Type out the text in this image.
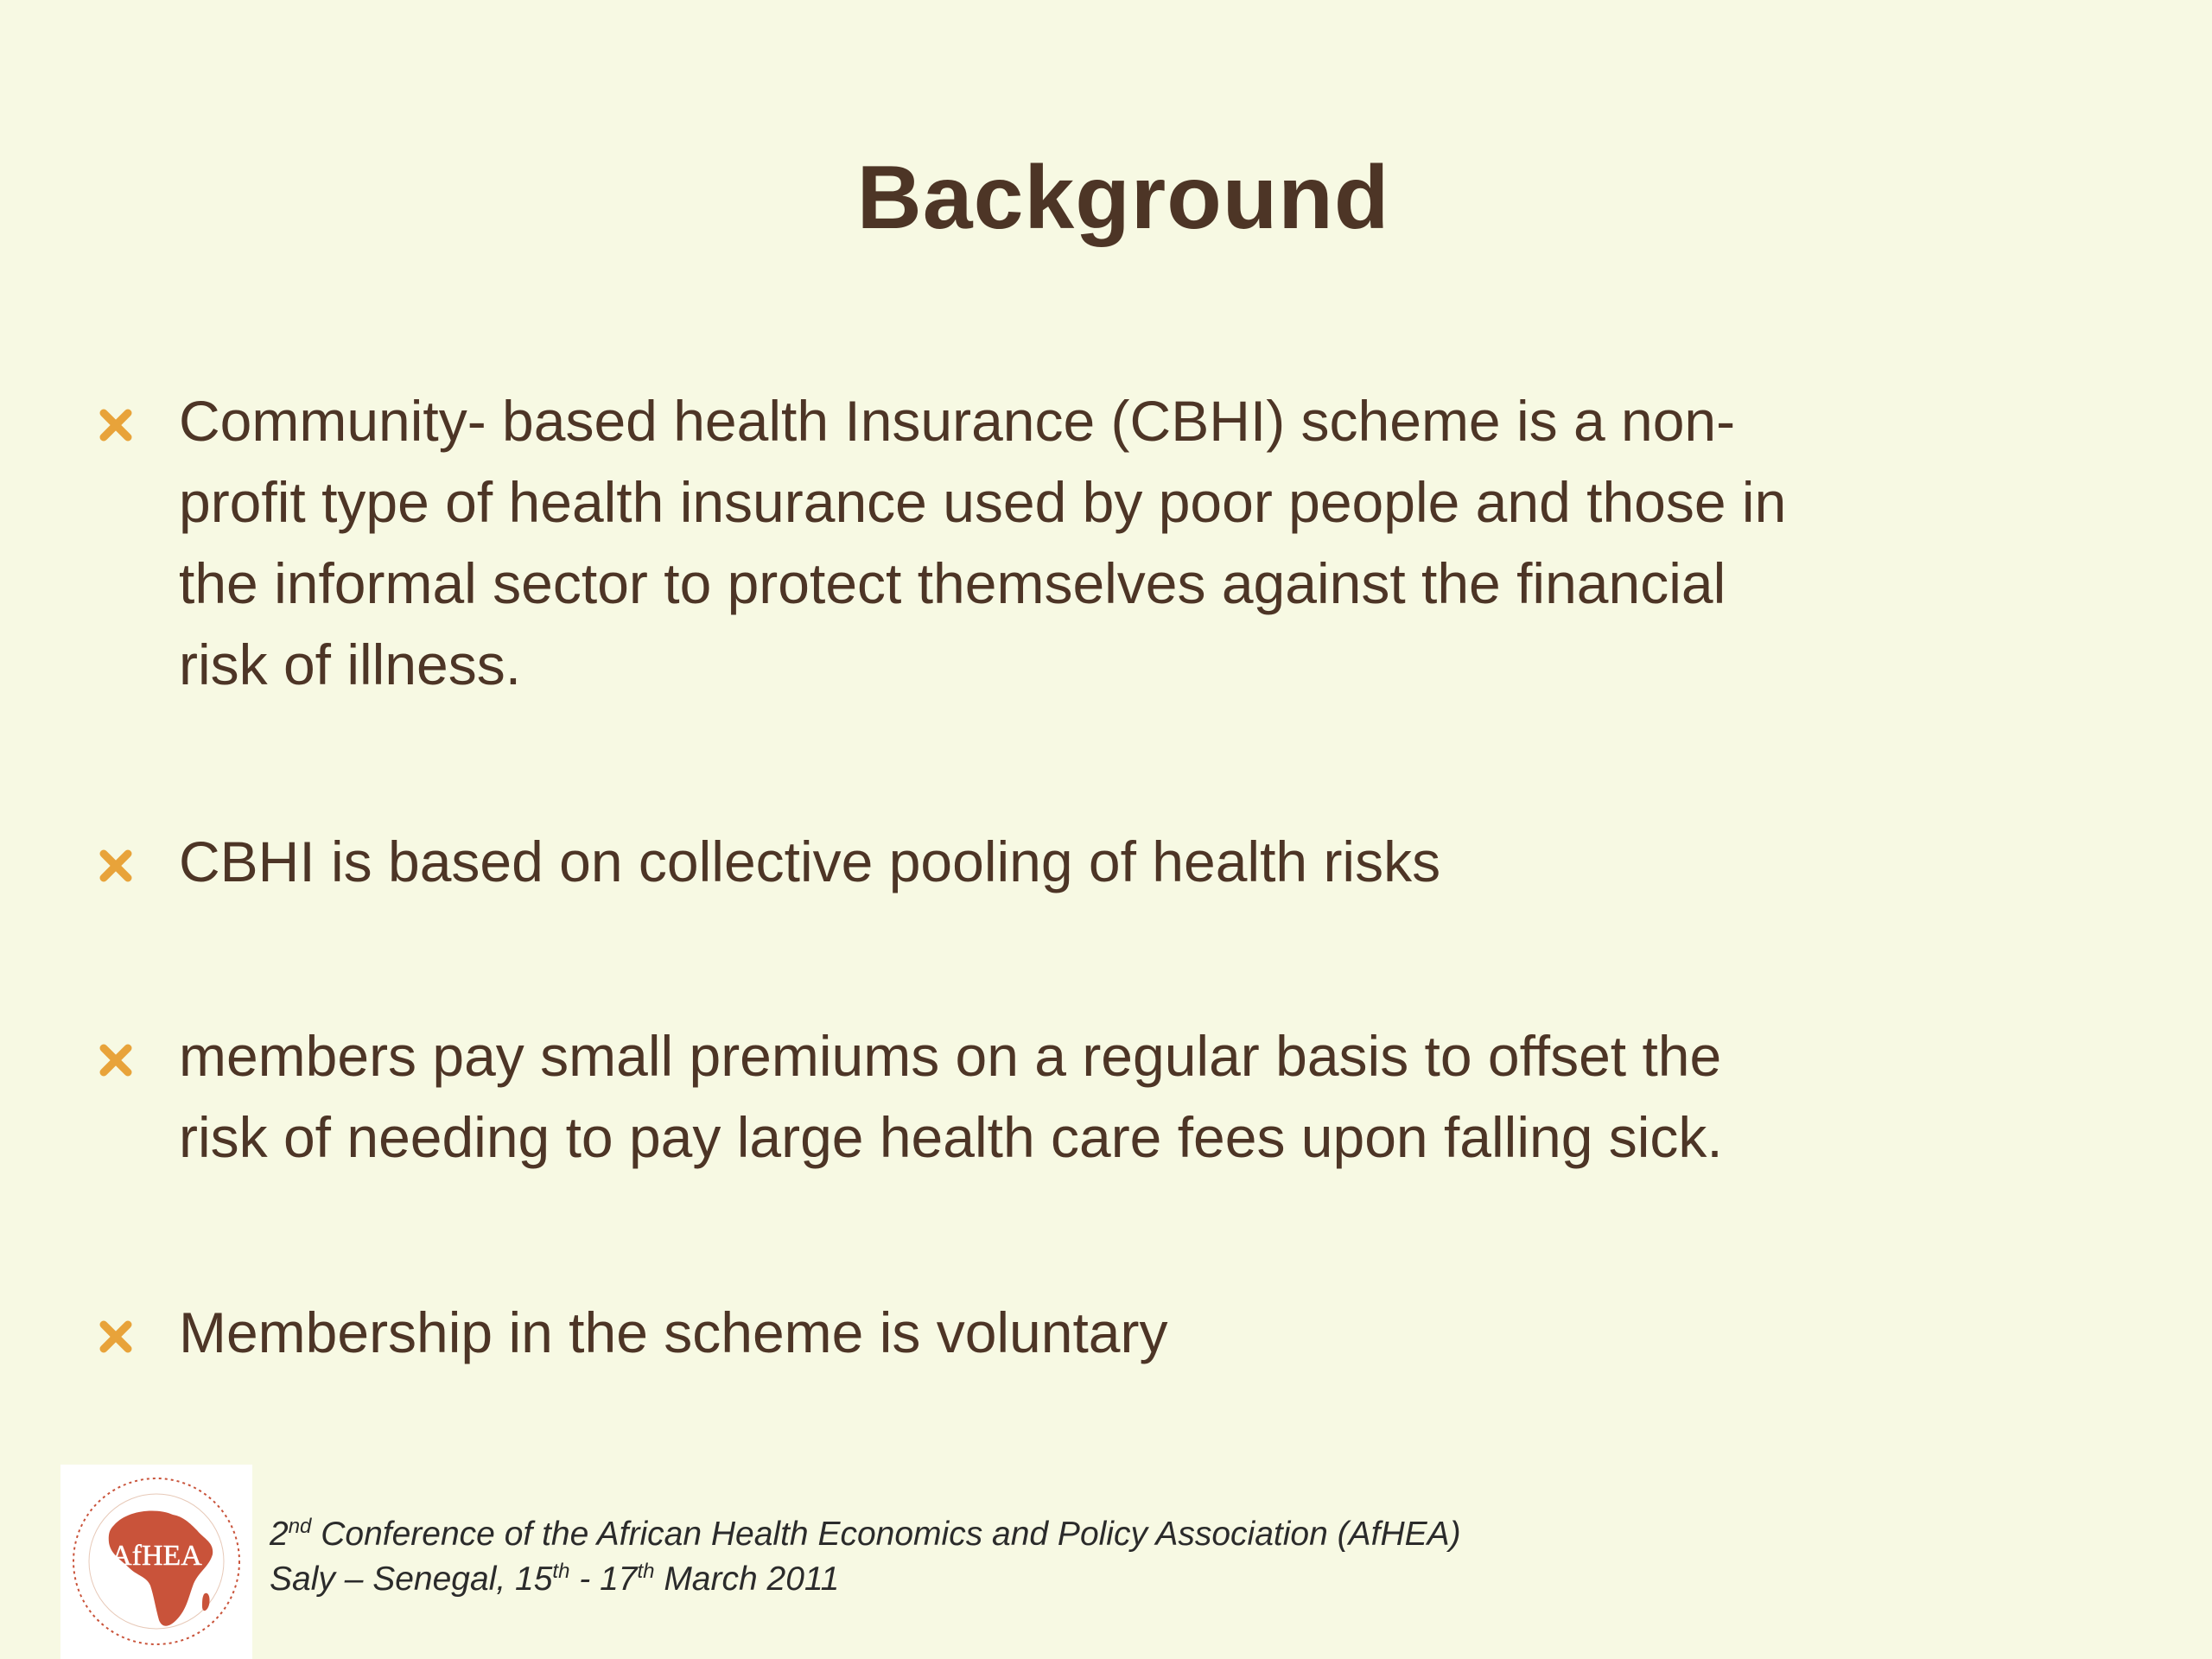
Background
Community- based health Insurance (CBHI) scheme is a non-
profit type of health insurance used by poor people and those in
the informal sector to protect themselves against the financial
risk of illness.
CBHI is based on collective pooling of health risks
members pay small premiums on a regular basis to offset the
risk of needing to pay large health care fees upon falling sick.
Membership in the scheme is voluntary
AfHEA
2nd Conference of the African Health Economics and Policy Association (AfHEA)
Saly – Senegal, 15th - 17th March 2011
